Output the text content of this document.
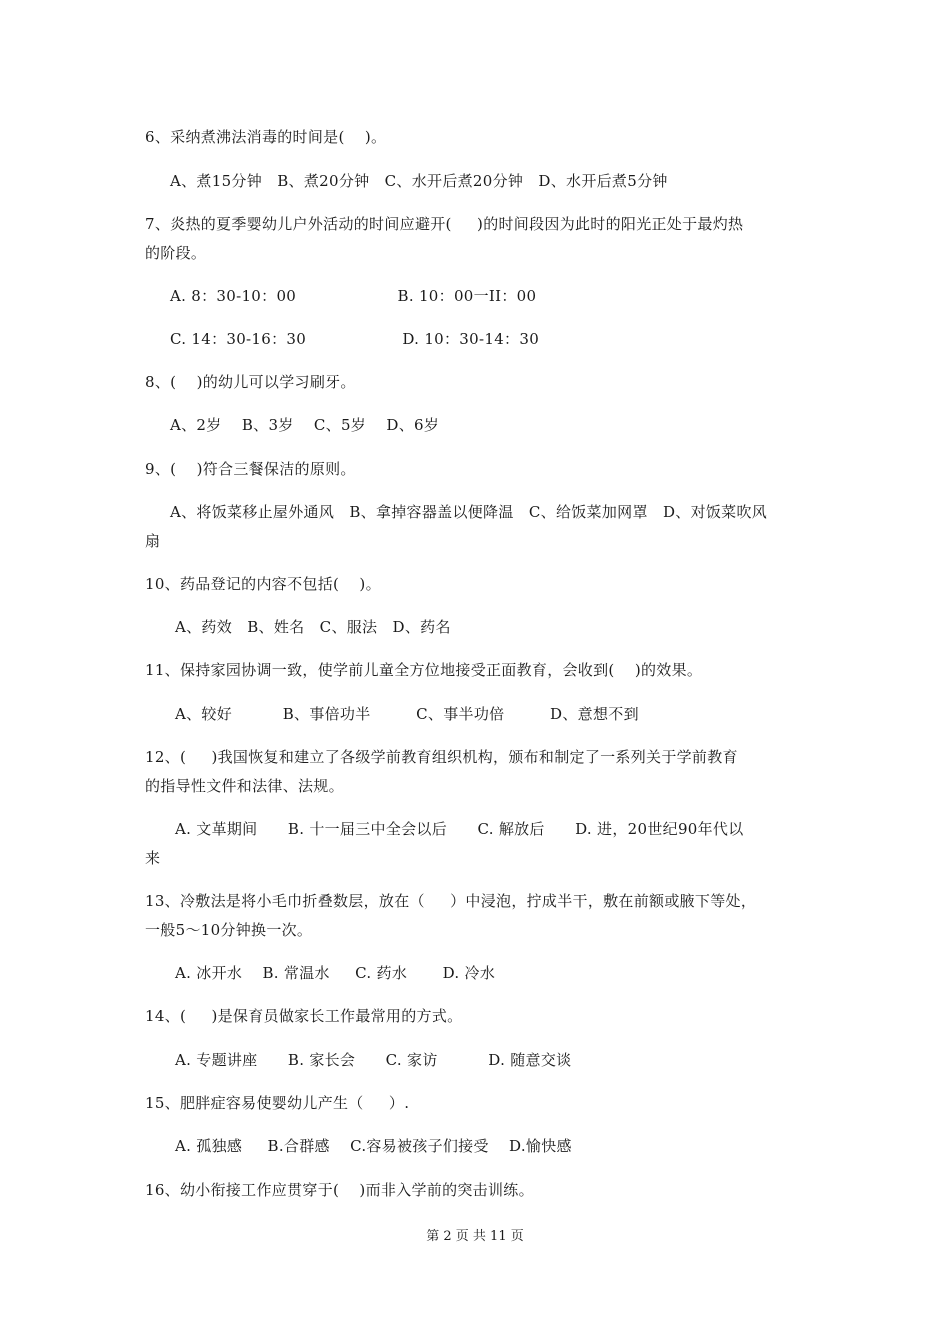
6、采纳煮沸法消毒的时间是(    )。
A、煮15分钟   B、煮20分钟   C、水开后煮20分钟   D、水开后煮5分钟
7、炎热的夏季婴幼儿户外活动的时间应避开(     )的时间段因为此时的阳光正处于最灼热
的阶段。
A. 8：30-10：00                    B. 10：00一II：00
C. 14：30-16：30                   D. 10：30-14：30
8、(    )的幼儿可以学习刷牙。
A、2岁    B、3岁    C、5岁    D、6岁
9、(    )符合三餐保洁的原则。
A、将饭菜移止屋外通风   B、拿掉容器盖以便降温   C、给饭菜加网罩   D、对饭菜吹风
扇
10、药品登记的内容不包括(    )。
A、药效   B、姓名   C、服法   D、药名
11、保持家园协调一致，使学前儿童全方位地接受正面教育，会收到(    )的效果。
A、较好          B、事倍功半         C、事半功倍         D、意想不到
12、(     )我国恢复和建立了各级学前教育组织机构，颁布和制定了一系列关于学前教育
的指导性文件和法律、法规。
A. 文革期间      B. 十一届三中全会以后      C. 解放后      D. 进，20世纪90年代以
来
13、冷敷法是将小毛巾折叠数层，放在（     ）中浸泡，拧成半干，敷在前额或腋下等处，
一般5～10分钟换一次。
A. 冰开水    B. 常温水     C. 药水       D. 冷水
14、(     )是保育员做家长工作最常用的方式。
A. 专题讲座      B. 家长会      C. 家访          D. 随意交谈
15、肥胖症容易使婴幼儿产生（     ）.
A. 孤独感     B.合群感    C.容易被孩子们接受    D.愉快感
16、幼小衔接工作应贯穿于(    )而非入学前的突击训练。
第 2 页 共 11 页
